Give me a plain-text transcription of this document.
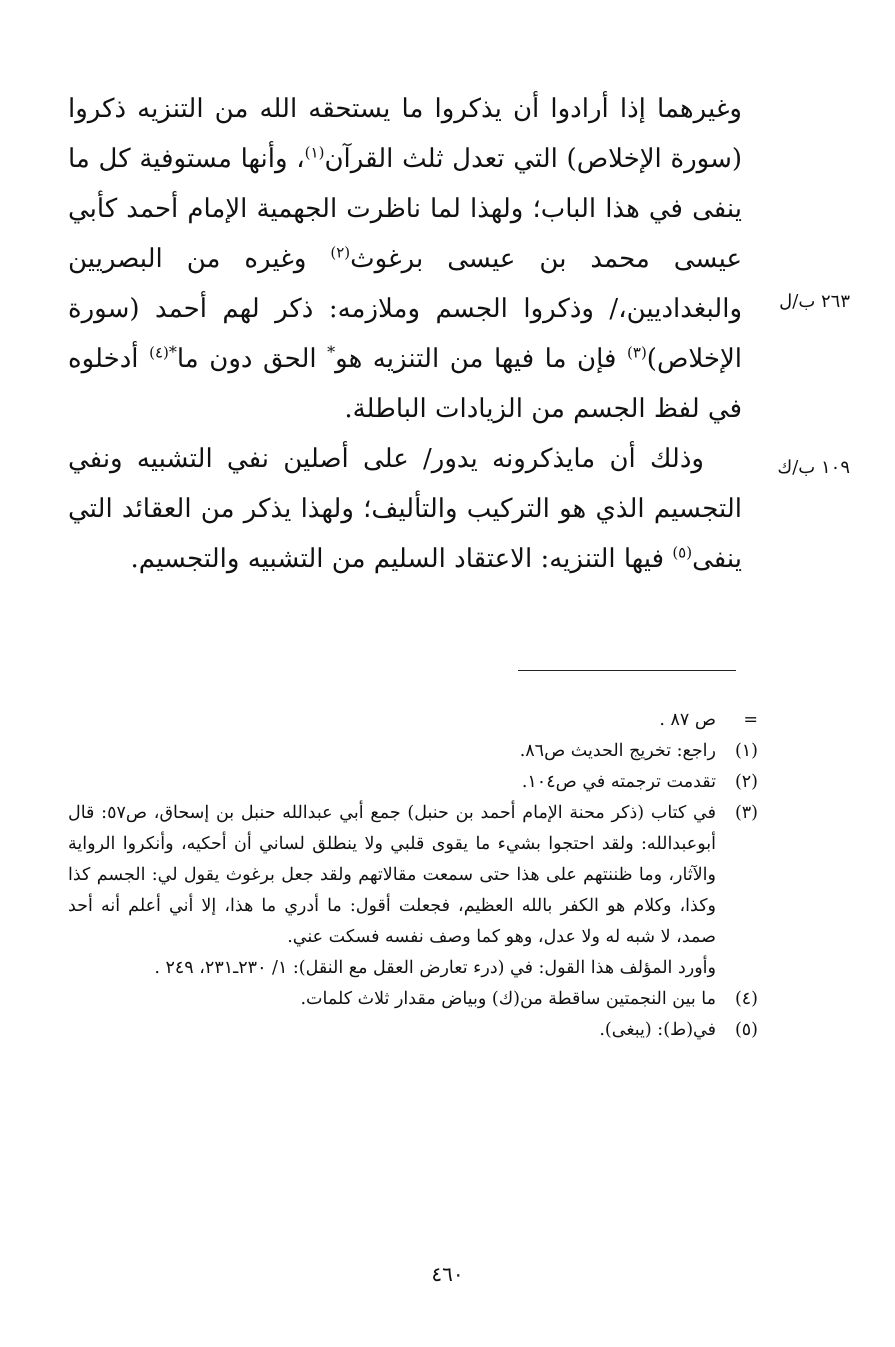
وغيرهما إذا أرادوا أن يذكروا ما يستحقه الله من التنزيه ذكروا (سورة الإخلاص) التي تعدل ثلث القرآن$^{(١)}$، وأنها مستوفية كل ما ينفى في هذا الباب؛ ولهذا لما ناظرت الجهمية الإمام أحمد كأبي عيسى محمد بن عيسى برغوث$^{(٢)}$ وغيره من البصريين والبغداديين،/ وذكروا الجسم وملازمه: ذكر لهم أحمد (سورة الإخلاص)$^{(٣)}$ فإن ما فيها من التنزيه هو* الحق دون ما$^{*(٤)}$ أدخلوه في لفظ الجسم من الزيادات الباطلة.

وذلك أن مايذكرونه يدور/ على أصلين نفي التشبيه ونفي التجسيم الذي هو التركيب والتأليف؛ ولهذا يذكر من العقائد التي ينفى$^{(٥)}$ فيها التنزيه: الاعتقاد السليم من التشبيه والتجسيم.

٢٦٣ ب/ل
١٠٩ ب/ك
=
ص ٨٧ .
(١)
راجع: تخريج الحديث ص٨٦.
(٢)
تقدمت ترجمته في ص١٠٤.
(٣)
في كتاب (ذكر محنة الإمام أحمد بن حنبل) جمع أبي عبدالله حنبل بن إسحاق، ص٥٧: قال أبوعبدالله: ولقد احتجوا بشيء ما يقوى قلبي ولا ينطلق لساني أن أحكيه، وأنكروا الرواية والآثار، وما ظننتهم على هذا حتى سمعت مقالاتهم ولقد جعل برغوث يقول لي: الجسم كذا وكذا، وكلام هو الكفر بالله العظيم، فجعلت أقول: ما أدري ما هذا، إلا أني أعلم أنه أحد صمد، لا شبه له ولا عدل، وهو كما وصف نفسه فسكت عني.
وأورد المؤلف هذا القول: في (درء تعارض العقل مع النقل): ١/ ٢٣٠ـ٢٣١، ٢٤٩ .
(٤)
ما بين النجمتين ساقطة من(ك) وبياض مقدار ثلاث كلمات.
(٥)
في(ط): (يبغى).
٤٦٠
